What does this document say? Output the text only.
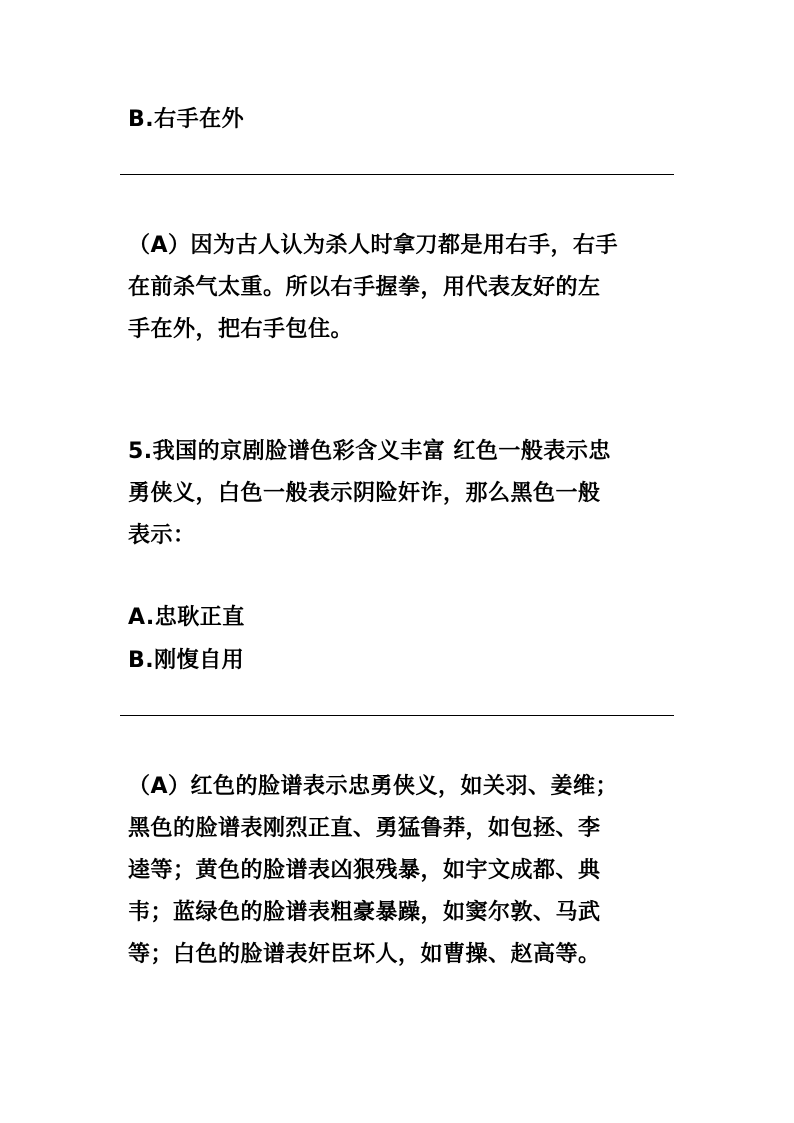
B.右手在外
（A）因为古人认为杀人时拿刀都是用右手，右手
在前杀气太重。所以右手握拳，用代表友好的左
手在外，把右手包住。
5.我国的京剧脸谱色彩含义丰富 红色一般表示忠
勇侠义，白色一般表示阴险奸诈，那么黑色一般
表示：
A.忠耿正直
B.刚愎自用
（A）红色的脸谱表示忠勇侠义，如关羽、姜维；
黑色的脸谱表刚烈正直、勇猛鲁莽，如包拯、李
逵等；黄色的脸谱表凶狠残暴，如宇文成都、典
韦；蓝绿色的脸谱表粗豪暴躁，如窦尔敦、马武
等；白色的脸谱表奸臣坏人，如曹操、赵高等。
